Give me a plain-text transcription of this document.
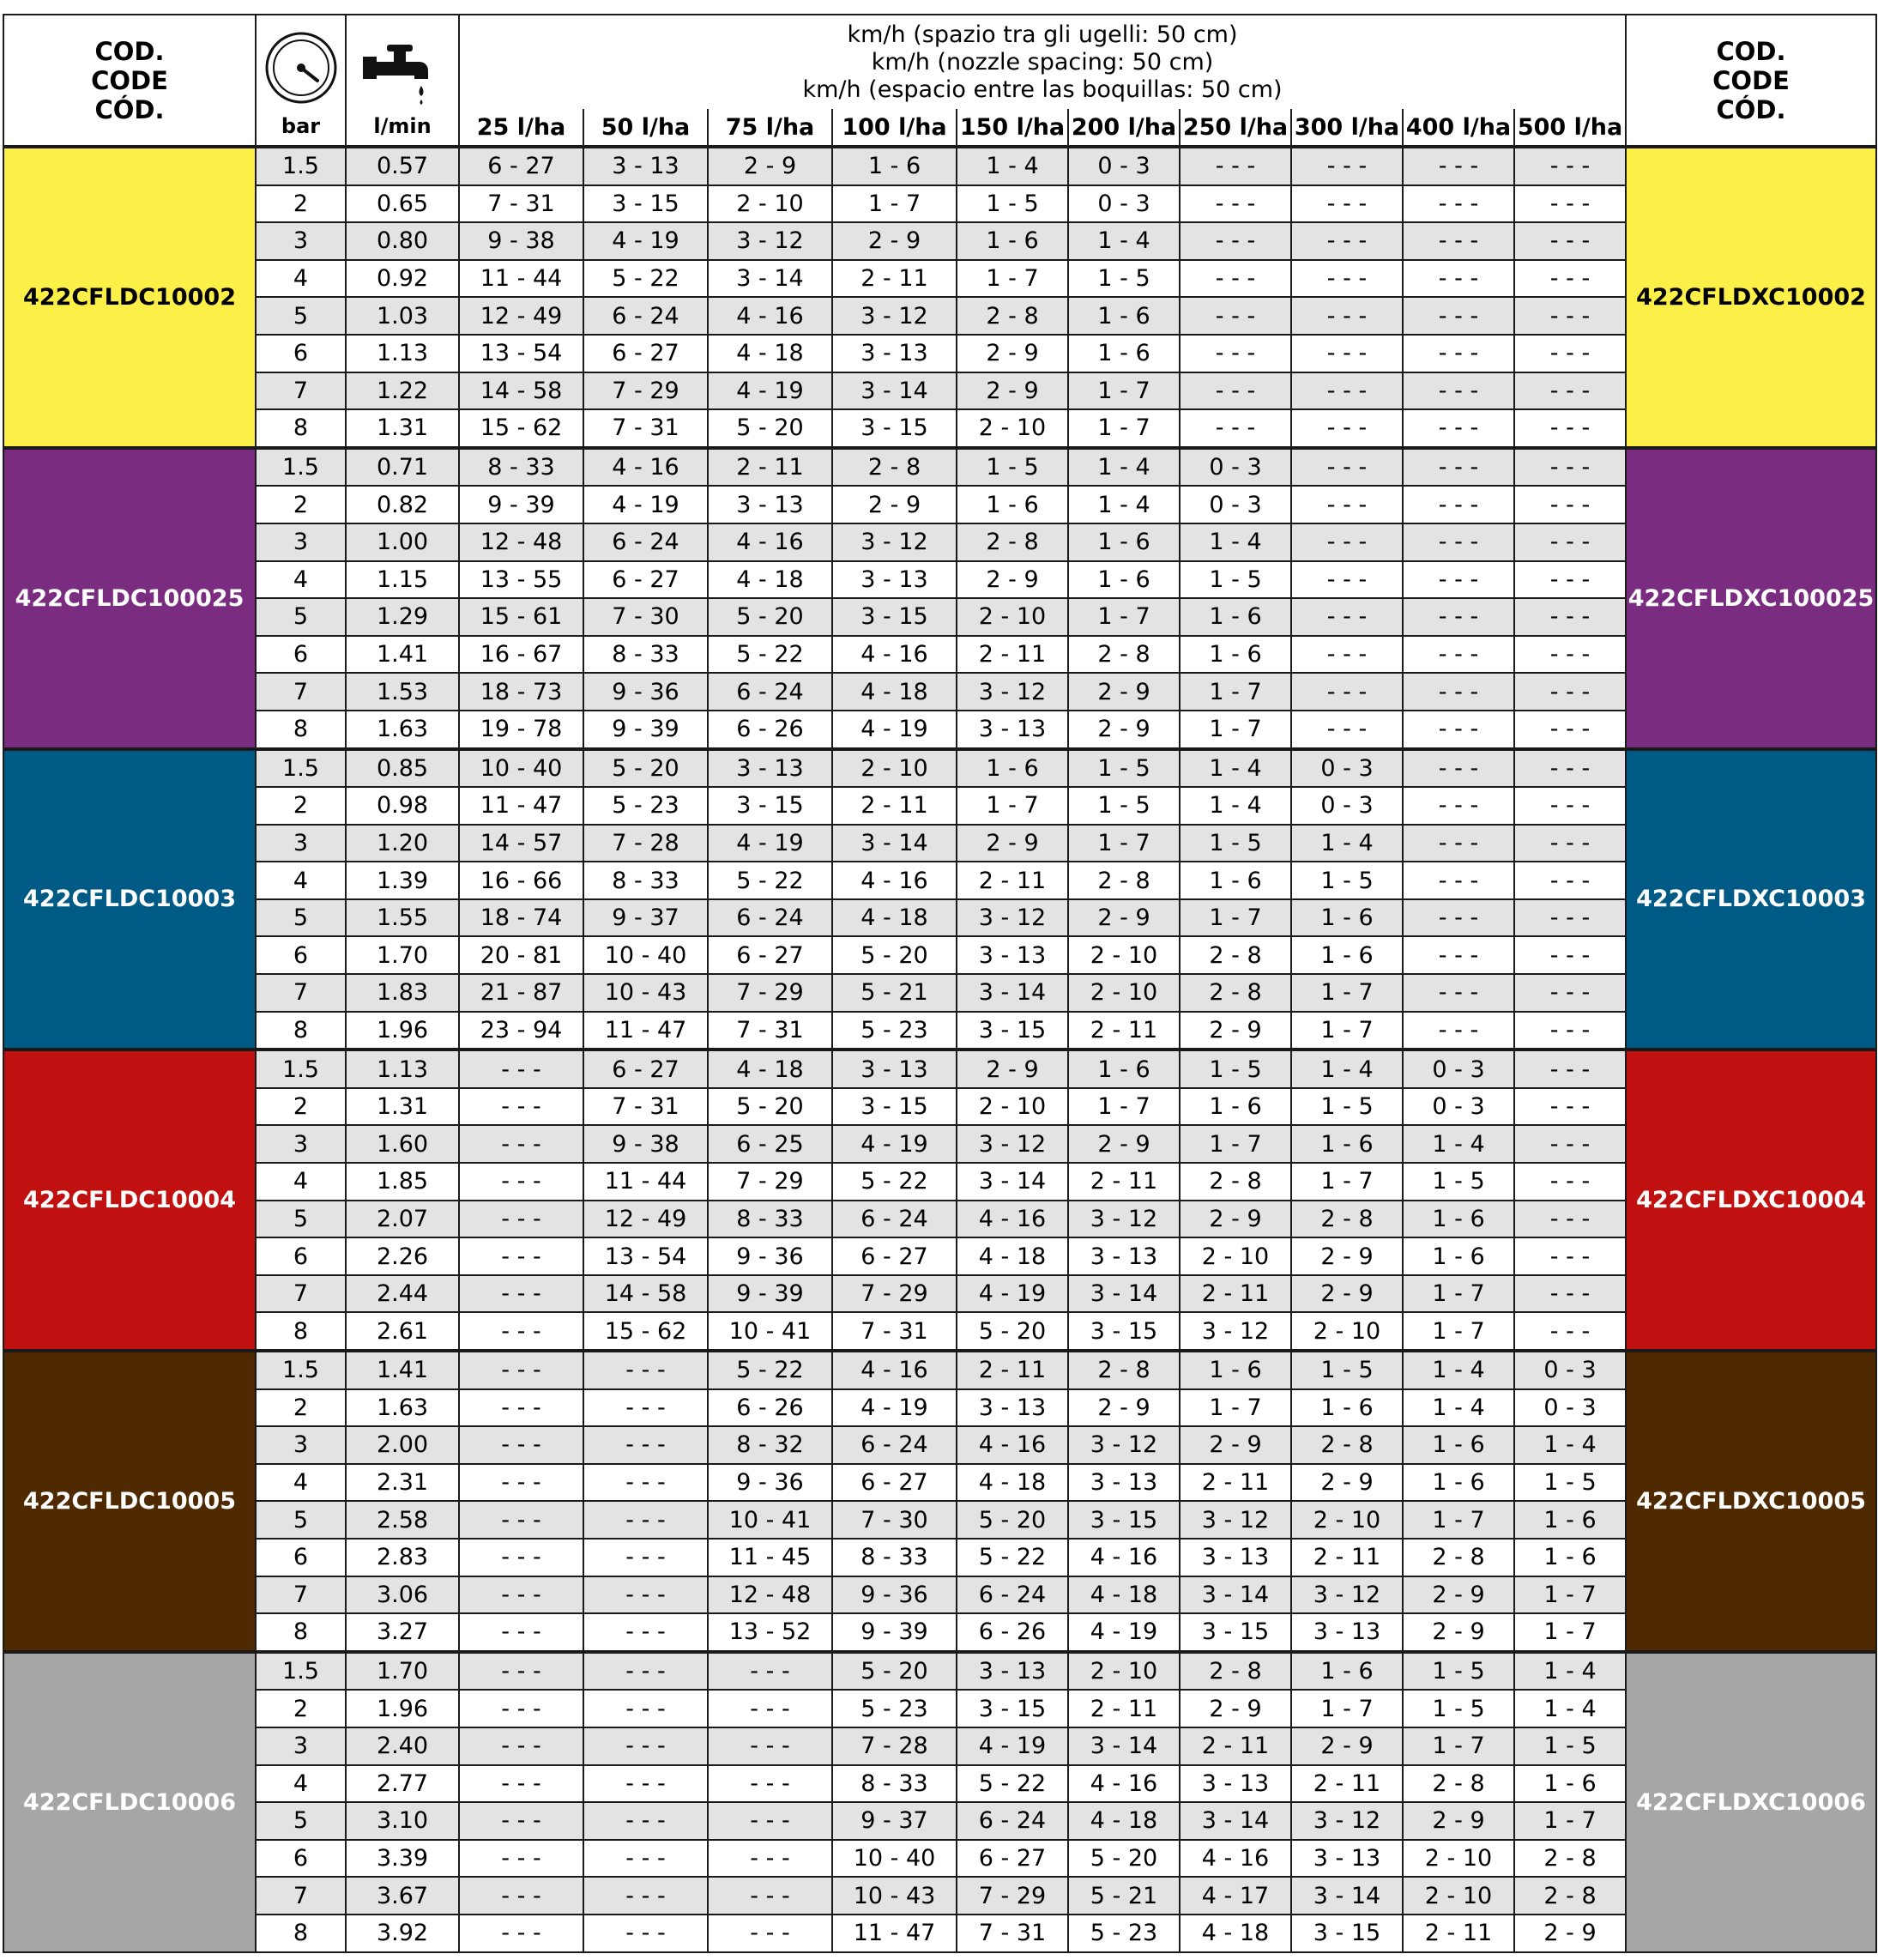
COD.
CODE
CÓD.	bar	l/min	km/h (spazio tra gli ugelli: 50 cm)
km/h (nozzle spacing: 50 cm)
km/h (espacio entre las boquillas: 50 cm)										COD.
CODE
CÓD.

			25 l/ha	50 l/ha	75 l/ha	100 l/ha	150 l/ha	200 l/ha	250 l/ha	300 l/ha	400 l/ha	500 l/ha	
422CFLDC10002	1.5	0.57	6 - 27	3 - 13	2 - 9	1 - 6	1 - 4	0 - 3	- - -	- - -	- - -	- - -	422CFLDXC10002
	2	0.65	7 - 31	3 - 15	2 - 10	1 - 7	1 - 5	0 - 3	- - -	- - -	- - -	- - -	
	3	0.80	9 - 38	4 - 19	3 - 12	2 - 9	1 - 6	1 - 4	- - -	- - -	- - -	- - -	
	4	0.92	11 - 44	5 - 22	3 - 14	2 - 11	1 - 7	1 - 5	- - -	- - -	- - -	- - -	
	5	1.03	12 - 49	6 - 24	4 - 16	3 - 12	2 - 8	1 - 6	- - -	- - -	- - -	- - -	
	6	1.13	13 - 54	6 - 27	4 - 18	3 - 13	2 - 9	1 - 6	- - -	- - -	- - -	- - -	
	7	1.22	14 - 58	7 - 29	4 - 19	3 - 14	2 - 9	1 - 7	- - -	- - -	- - -	- - -	
	8	1.31	15 - 62	7 - 31	5 - 20	3 - 15	2 - 10	1 - 7	- - -	- - -	- - -	- - -	
422CFLDC100025	1.5	0.71	8 - 33	4 - 16	2 - 11	2 - 8	1 - 5	1 - 4	0 - 3	- - -	- - -	- - -	422CFLDXC100025
	2	0.82	9 - 39	4 - 19	3 - 13	2 - 9	1 - 6	1 - 4	0 - 3	- - -	- - -	- - -	
	3	1.00	12 - 48	6 - 24	4 - 16	3 - 12	2 - 8	1 - 6	1 - 4	- - -	- - -	- - -	
	4	1.15	13 - 55	6 - 27	4 - 18	3 - 13	2 - 9	1 - 6	1 - 5	- - -	- - -	- - -	
	5	1.29	15 - 61	7 - 30	5 - 20	3 - 15	2 - 10	1 - 7	1 - 6	- - -	- - -	- - -	
	6	1.41	16 - 67	8 - 33	5 - 22	4 - 16	2 - 11	2 - 8	1 - 6	- - -	- - -	- - -	
	7	1.53	18 - 73	9 - 36	6 - 24	4 - 18	3 - 12	2 - 9	1 - 7	- - -	- - -	- - -	
	8	1.63	19 - 78	9 - 39	6 - 26	4 - 19	3 - 13	2 - 9	1 - 7	- - -	- - -	- - -	
422CFLDC10003	1.5	0.85	10 - 40	5 - 20	3 - 13	2 - 10	1 - 6	1 - 5	1 - 4	0 - 3	- - -	- - -	422CFLDXC10003
	2	0.98	11 - 47	5 - 23	3 - 15	2 - 11	1 - 7	1 - 5	1 - 4	0 - 3	- - -	- - -	
	3	1.20	14 - 57	7 - 28	4 - 19	3 - 14	2 - 9	1 - 7	1 - 5	1 - 4	- - -	- - -	
	4	1.39	16 - 66	8 - 33	5 - 22	4 - 16	2 - 11	2 - 8	1 - 6	1 - 5	- - -	- - -	
	5	1.55	18 - 74	9 - 37	6 - 24	4 - 18	3 - 12	2 - 9	1 - 7	1 - 6	- - -	- - -	
	6	1.70	20 - 81	10 - 40	6 - 27	5 - 20	3 - 13	2 - 10	2 - 8	1 - 6	- - -	- - -	
	7	1.83	21 - 87	10 - 43	7 - 29	5 - 21	3 - 14	2 - 10	2 - 8	1 - 7	- - -	- - -	
	8	1.96	23 - 94	11 - 47	7 - 31	5 - 23	3 - 15	2 - 11	2 - 9	1 - 7	- - -	- - -	
422CFLDC10004	1.5	1.13	- - -	6 - 27	4 - 18	3 - 13	2 - 9	1 - 6	1 - 5	1 - 4	0 - 3	- - -	422CFLDXC10004
	2	1.31	- - -	7 - 31	5 - 20	3 - 15	2 - 10	1 - 7	1 - 6	1 - 5	0 - 3	- - -	
	3	1.60	- - -	9 - 38	6 - 25	4 - 19	3 - 12	2 - 9	1 - 7	1 - 6	1 - 4	- - -	
	4	1.85	- - -	11 - 44	7 - 29	5 - 22	3 - 14	2 - 11	2 - 8	1 - 7	1 - 5	- - -	
	5	2.07	- - -	12 - 49	8 - 33	6 - 24	4 - 16	3 - 12	2 - 9	2 - 8	1 - 6	- - -	
	6	2.26	- - -	13 - 54	9 - 36	6 - 27	4 - 18	3 - 13	2 - 10	2 - 9	1 - 6	- - -	
	7	2.44	- - -	14 - 58	9 - 39	7 - 29	4 - 19	3 - 14	2 - 11	2 - 9	1 - 7	- - -	
	8	2.61	- - -	15 - 62	10 - 41	7 - 31	5 - 20	3 - 15	3 - 12	2 - 10	1 - 7	- - -	
422CFLDC10005	1.5	1.41	- - -	- - -	5 - 22	4 - 16	2 - 11	2 - 8	1 - 6	1 - 5	1 - 4	0 - 3	422CFLDXC10005
	2	1.63	- - -	- - -	6 - 26	4 - 19	3 - 13	2 - 9	1 - 7	1 - 6	1 - 4	0 - 3	
	3	2.00	- - -	- - -	8 - 32	6 - 24	4 - 16	3 - 12	2 - 9	2 - 8	1 - 6	1 - 4	
	4	2.31	- - -	- - -	9 - 36	6 - 27	4 - 18	3 - 13	2 - 11	2 - 9	1 - 6	1 - 5	
	5	2.58	- - -	- - -	10 - 41	7 - 30	5 - 20	3 - 15	3 - 12	2 - 10	1 - 7	1 - 6	
	6	2.83	- - -	- - -	11 - 45	8 - 33	5 - 22	4 - 16	3 - 13	2 - 11	2 - 8	1 - 6	
	7	3.06	- - -	- - -	12 - 48	9 - 36	6 - 24	4 - 18	3 - 14	3 - 12	2 - 9	1 - 7	
	8	3.27	- - -	- - -	13 - 52	9 - 39	6 - 26	4 - 19	3 - 15	3 - 13	2 - 9	1 - 7	
422CFLDC10006	1.5	1.70	- - -	- - -	- - -	5 - 20	3 - 13	2 - 10	2 - 8	1 - 6	1 - 5	1 - 4	422CFLDXC10006
	2	1.96	- - -	- - -	- - -	5 - 23	3 - 15	2 - 11	2 - 9	1 - 7	1 - 5	1 - 4	
	3	2.40	- - -	- - -	- - -	7 - 28	4 - 19	3 - 14	2 - 11	2 - 9	1 - 7	1 - 5	
	4	2.77	- - -	- - -	- - -	8 - 33	5 - 22	4 - 16	3 - 13	2 - 11	2 - 8	1 - 6	
	5	3.10	- - -	- - -	- - -	9 - 37	6 - 24	4 - 18	3 - 14	3 - 12	2 - 9	1 - 7	
	6	3.39	- - -	- - -	- - -	10 - 40	6 - 27	5 - 20	4 - 16	3 - 13	2 - 10	2 - 8	
	7	3.67	- - -	- - -	- - -	10 - 43	7 - 29	5 - 21	4 - 17	3 - 14	2 - 10	2 - 8	
	8	3.92	- - -	- - -	- - -	11 - 47	7 - 31	5 - 23	4 - 18	3 - 15	2 - 11	2 - 9	
